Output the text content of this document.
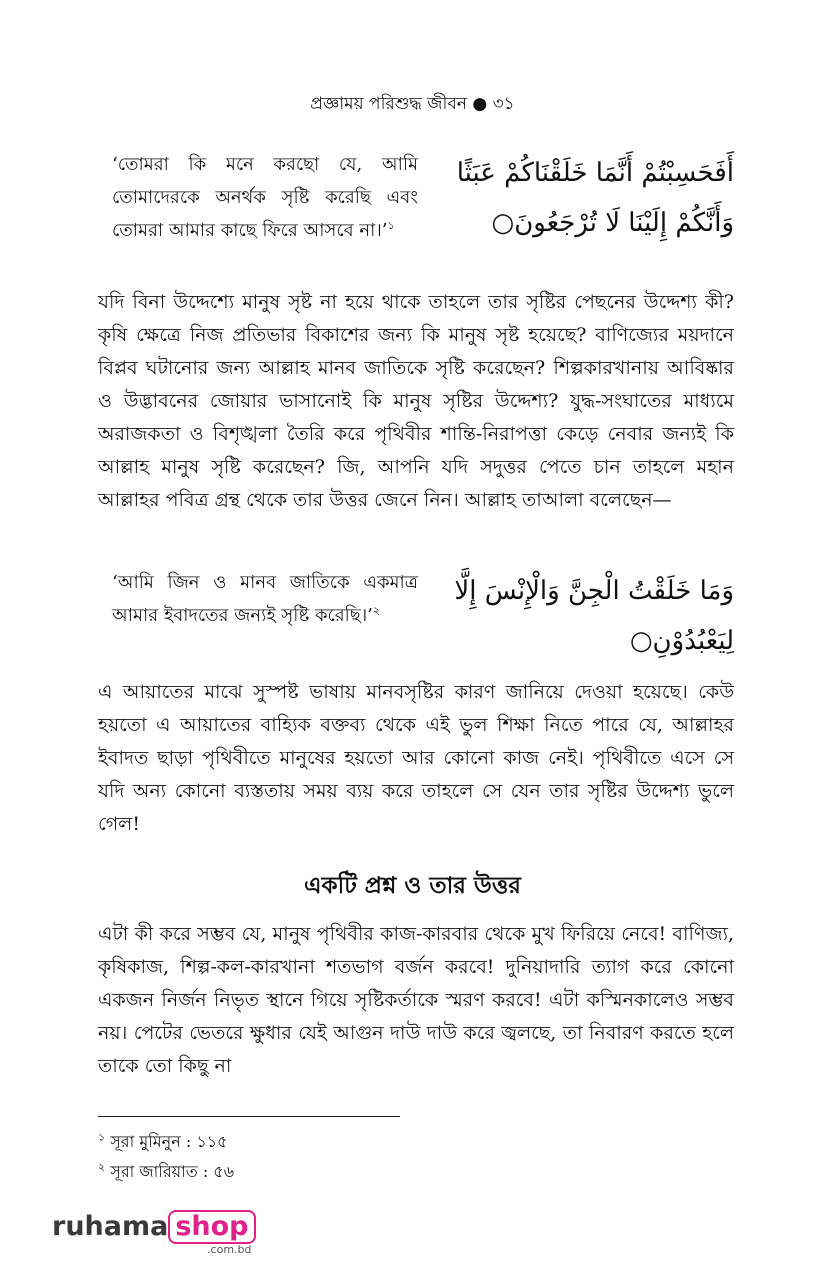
প্রজ্ঞাময় পরিশুদ্ধ জীবন ● ৩১
‘তোমরা কি মনে করছো যে, আমি তোমাদেরকে অনর্থক সৃষ্টি করেছি এবং তোমরা আমার কাছে ফিরে আসবে না।’$^১$
أَفَحَسِبْتُمْ أَنَّمَا خَلَقْنَاكُمْ عَبَثًا
وَأَنَّكُمْ إِلَيْنَا لَا تُرْجَعُونَ○

যদি বিনা উদ্দেশ্যে মানুষ সৃষ্ট না হয়ে থাকে তাহলে তার সৃষ্টির পেছনের উদ্দেশ্য কী? কৃষি ক্ষেত্রে নিজ প্রতিভার বিকাশের জন্য কি মানুষ সৃষ্ট হয়েছে? বাণিজ্যের ময়দানে বিপ্লব ঘটানোর জন্য আল্লাহ মানব জাতিকে সৃষ্টি করেছেন? শিল্পকারখানায় আবিষ্কার ও উদ্ভাবনের জোয়ার ভাসানোই কি মানুষ সৃষ্টির উদ্দেশ্য? যুদ্ধ-সংঘাতের মাধ্যমে অরাজকতা ও বিশৃঙ্খলা তৈরি করে পৃথিবীর শান্তি-নিরাপত্তা কেড়ে নেবার জন্যই কি আল্লাহ মানুষ সৃষ্টি করেছেন? জি, আপনি যদি সদুত্তর পেতে চান তাহলে মহান আল্লাহর পবিত্র গ্রন্থ থেকে তার উত্তর জেনে নিন। আল্লাহ তাআলা বলেছেন—

‘আমি জিন ও মানব জাতিকে একমাত্র আমার ইবাদতের জন্যই সৃষ্টি করেছি।’$^২$
وَمَا خَلَقْتُ الْجِنَّ وَالْإِنْسَ إِلَّا
لِيَعْبُدُوْنِ○

এ আয়াতের মাঝে সুস্পষ্ট ভাষায় মানবসৃষ্টির কারণ জানিয়ে দেওয়া হয়েছে। কেউ হয়তো এ আয়াতের বাহ্যিক বক্তব্য থেকে এই ভুল শিক্ষা নিতে পারে যে, আল্লাহর ইবাদত ছাড়া পৃথিবীতে মানুষের হয়তো আর কোনো কাজ নেই। পৃথিবীতে এসে সে যদি অন্য কোনো ব্যস্ততায় সময় ব্যয় করে তাহলে সে যেন তার সৃষ্টির উদ্দেশ্য ভুলে গেল!

একটি প্রশ্ন ও তার উত্তর

এটা কী করে সম্ভব যে, মানুষ পৃথিবীর কাজ-কারবার থেকে মুখ ফিরিয়ে নেবে! বাণিজ্য, কৃষিকাজ, শিল্প-কল-কারখানা শতভাগ বর্জন করবে! দুনিয়াদারি ত্যাগ করে কোনো একজন নির্জন নিভৃত স্থানে গিয়ে সৃষ্টিকর্তাকে স্মরণ করবে! এটা কস্মিনকালেও সম্ভব নয়। পেটের ভেতরে ক্ষুধার যেই আগুন দাউ দাউ করে জ্বলছে, তা নিবারণ করতে হলে তাকে তো কিছু না

$^১$ সূরা মুমিনুন : ১১৫
$^২$ সূরা জারিয়াত : ৫৬
ruhama shop
.com.bd
